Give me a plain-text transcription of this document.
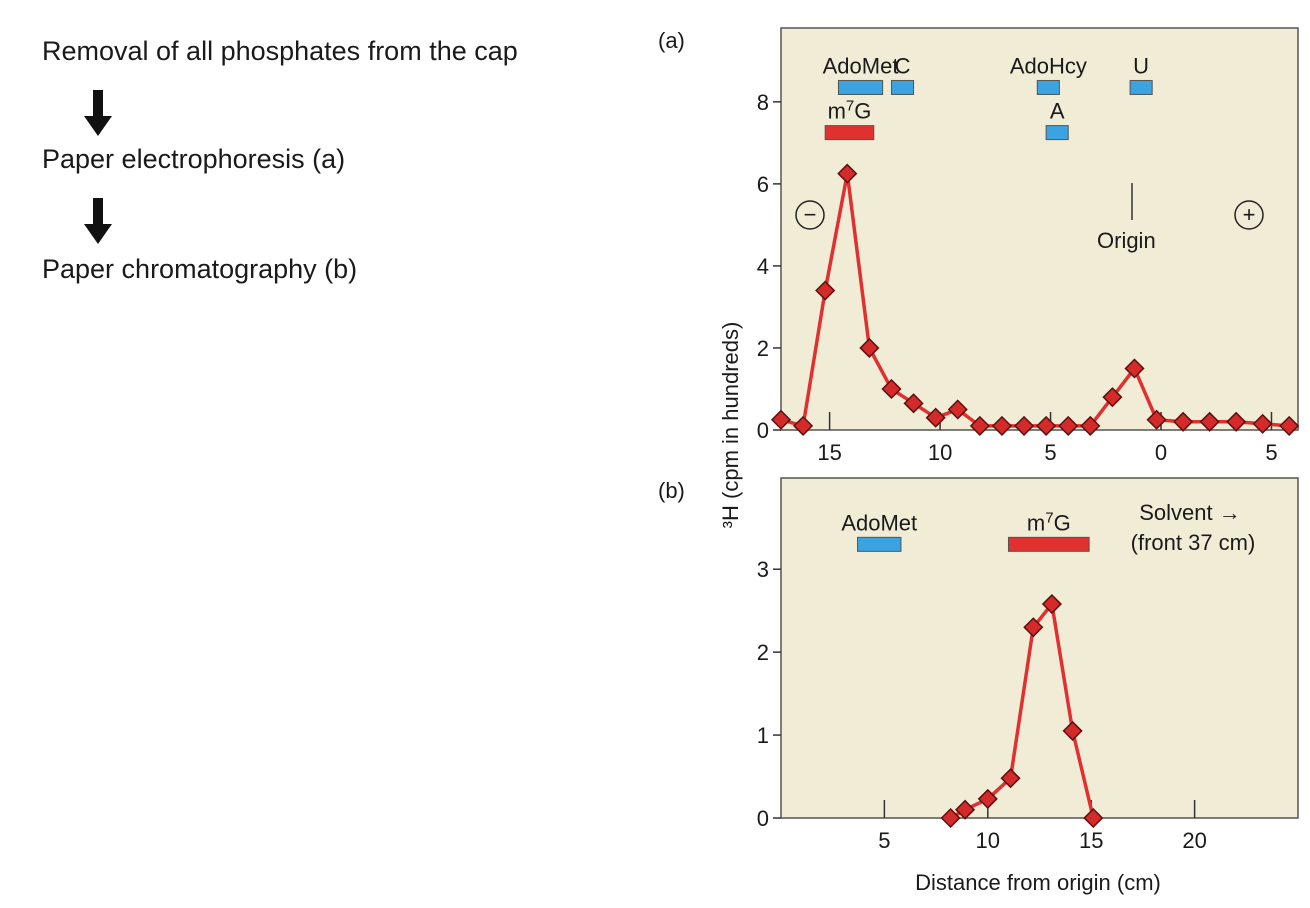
Removal of all phosphates from the cap
Paper electrophoresis (a)
Paper chromatography (b)
(a)
0
2
4
6
8
15	10	5	0	5
AdoMet
C	AdoHcy U
$m^7G$	A
Origin
−	+
(b)
0
1
2
3
5	10	15	20
AdoMet	$m^7G$	Solvent →
(front 37 cm)
Distance from origin (cm)
³H (cpm in hundreds)
